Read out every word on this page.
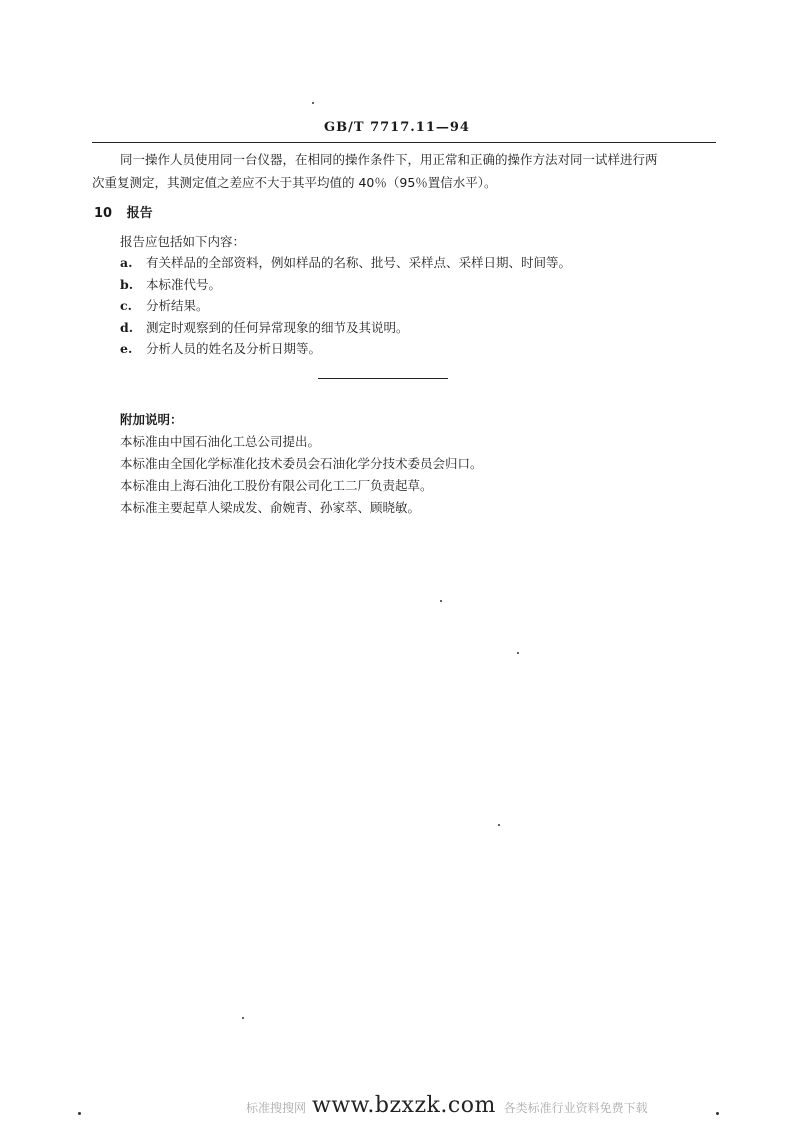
GB/T 7717.11—94
同一操作人员使用同一台仪器，在相同的操作条件下，用正常和正确的操作方法对同一试样进行两
次重复测定，其测定值之差应不大于其平均值的 40％（95％置信水平）。
10 报告
报告应包括如下内容：
a.	有关样品的全部资料，例如样品的名称、批号、采样点、采样日期、时间等。
b.	本标准代号。
c.	分析结果。
d.	测定时观察到的任何异常现象的细节及其说明。
e.	分析人员的姓名及分析日期等。
附加说明：
本标准由中国石油化工总公司提出。
本标准由全国化学标准化技术委员会石油化学分技术委员会归口。
本标准由上海石油化工股份有限公司化工二厂负责起草。
本标准主要起草人梁成发、俞婉青、孙家萃、顾晓敏。
标准搜搜网	各类标准行业资料免费下载
www.bzxzk.com
